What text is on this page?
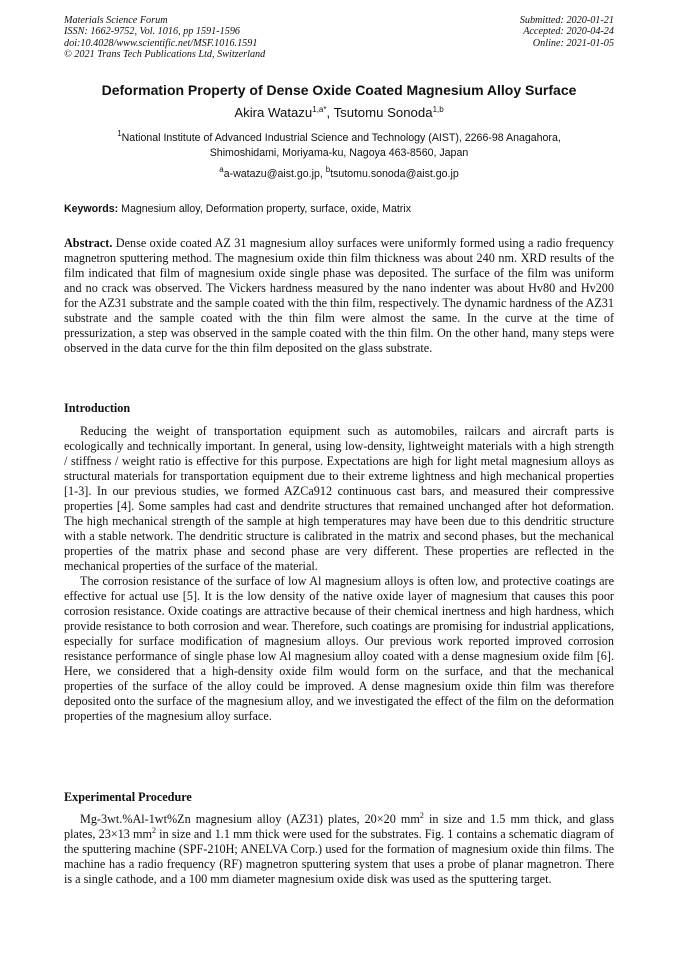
Materials Science Forum
ISSN: 1662-9752, Vol. 1016, pp 1591-1596
doi:10.4028/www.scientific.net/MSF.1016.1591
© 2021 Trans Tech Publications Ltd, Switzerland
Submitted: 2020-01-21
Accepted: 2020-04-24
Online: 2021-01-05
Deformation Property of Dense Oxide Coated Magnesium Alloy Surface
Akira Watazu$^{1,a*}$, Tsutomu Sonoda$^{1,b}$
$^1$National Institute of Advanced Industrial Science and Technology (AIST), 2266-98 Anagahora,
Shimoshidami, Moriyama-ku, Nagoya 463-8560, Japan
$^a$a-watazu@aist.go.jp, $^b$tsutomu.sonoda@aist.go.jp
Keywords: Magnesium alloy, Deformation property, surface, oxide, Matrix

Abstract. Dense oxide coated AZ 31 magnesium alloy surfaces were uniformly formed using a radio frequency magnetron sputtering method. The magnesium oxide thin film thickness was about 240 nm. XRD results of the film indicated that film of magnesium oxide single phase was deposited. The surface of the film was uniform and no crack was observed. The Vickers hardness measured by the nano indenter was about Hv80 and Hv200 for the AZ31 substrate and the sample coated with the thin film, respectively. The dynamic hardness of the AZ31 substrate and the sample coated with the thin film were almost the same. In the curve at the time of pressurization, a step was observed in the sample coated with the thin film. On the other hand, many steps were observed in the data curve for the thin film deposited on the glass substrate.

Introduction

Reducing the weight of transportation equipment such as automobiles, railcars and aircraft parts is ecologically and technically important. In general, using low-density, lightweight materials with a high strength / stiffness / weight ratio is effective for this purpose. Expectations are high for light metal magnesium alloys as structural materials for transportation equipment due to their extreme lightness and high mechanical properties [1-3]. In our previous studies, we formed AZCa912 continuous cast bars, and measured their compressive properties [4]. Some samples had cast and dendrite structures that remained unchanged after hot deformation. The high mechanical strength of the sample at high temperatures may have been due to this dendritic structure with a stable network. The dendritic structure is calibrated in the matrix and second phases, but the mechanical properties of the matrix phase and second phase are very different. These properties are reflected in the mechanical properties of the surface of the material.

The corrosion resistance of the surface of low Al magnesium alloys is often low, and protective coatings are effective for actual use [5]. It is the low density of the native oxide layer of magnesium that causes this poor corrosion resistance. Oxide coatings are attractive because of their chemical inertness and high hardness, which provide resistance to both corrosion and wear. Therefore, such coatings are promising for industrial applications, especially for surface modification of magnesium alloys. Our previous work reported improved corrosion resistance performance of single phase low Al magnesium alloy coated with a dense magnesium oxide film [6]. Here, we considered that a high-density oxide film would form on the surface, and that the mechanical properties of the surface of the alloy could be improved. A dense magnesium oxide thin film was therefore deposited onto the surface of the magnesium alloy, and we investigated the effect of the film on the deformation properties of the magnesium alloy surface.

Experimental Procedure

Mg-3wt.%Al-1wt%Zn magnesium alloy (AZ31) plates, 20×20 $mm^2$ in size and 1.5 mm thick, and glass plates, 23×13 $mm^2$ in size and 1.1 mm thick were used for the substrates. Fig. 1 contains a schematic diagram of the sputtering machine (SPF-210H; ANELVA Corp.) used for the formation of magnesium oxide thin films. The machine has a radio frequency (RF) magnetron sputtering system that uses a probe of planar magnetron. There is a single cathode, and a 100 mm diameter magnesium oxide disk was used as the sputtering target.
